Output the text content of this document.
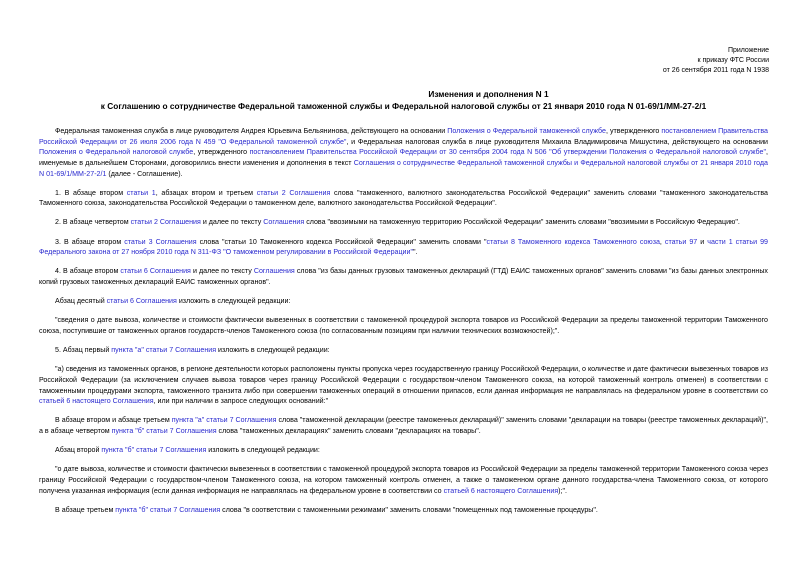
Приложение
к приказу ФТС России
от 26 сентября 2011 года N 1938
Изменения и дополнения N 1
к Соглашению о сотрудничестве Федеральной таможенной службы и Федеральной налоговой службы от 21 января 2010 года N 01-69/1/ММ-27-2/1

Федеральная таможенная служба в лице руководителя Андрея Юрьевича Бельянинова, действующего на основании Положения о Федеральной таможенной службе, утвержденного постановлением Правительства Российской Федерации от 26 июля 2006 года N 459 "О Федеральной таможенной службе", и Федеральная налоговая служба в лице руководителя Михаила Владимировича Мишустина, действующего на основании Положения о Федеральной налоговой службе, утвержденного постановлением Правительства Российской Федерации от 30 сентября 2004 года N 506 "Об утверждении Положения о Федеральной налоговой службе", именуемые в дальнейшем Сторонами, договорились внести изменения и дополнения в текст Соглашения о сотрудничестве Федеральной таможенной службы и Федеральной налоговой службы от 21 января 2010 года N 01-69/1/ММ-27-2/1 (далее - Соглашение).

1. В абзаце втором статьи 1, абзацах втором и третьем статьи 2 Соглашения слова "таможенного, валютного законодательства Российской Федерации" заменить словами "таможенного законодательства Таможенного союза, законодательства Российской Федерации о таможенном деле, валютного законодательства Российской Федерации".

2. В абзаце четвертом статьи 2 Соглашения и далее по тексту Соглашения слова "ввозимыми на таможенную территорию Российской Федерации" заменить словами "ввозимыми в Российскую Федерацию".

3. В абзаце втором статьи 3 Соглашения слова "статьи 10 Таможенного кодекса Российской Федерации" заменить словами "статьи 8 Таможенного кодекса Таможенного союза, статьи 97 и части 1 статьи 99 Федерального закона от 27 ноября 2010 года N 311-ФЗ "О таможенном регулировании в Российской Федерации"".

4. В абзаце втором статьи 6 Соглашения и далее по тексту Соглашения слова "из базы данных грузовых таможенных деклараций (ГТД) ЕАИС таможенных органов" заменить словами "из базы данных электронных копий грузовых таможенных деклараций ЕАИС таможенных органов".

Абзац десятый статьи 6 Соглашения изложить в следующей редакции:

"сведения о дате вывоза, количестве и стоимости фактически вывезенных в соответствии с таможенной процедурой экспорта товаров из Российской Федерации за пределы таможенной территории Таможенного союза, поступившие от таможенных органов государств-членов Таможенного союза (по согласованным позициям при наличии технических возможностей);".

5. Абзац первый пункта "а" статьи 7 Соглашения изложить в следующей редакции:

"а) сведения из таможенных органов, в регионе деятельности которых расположены пункты пропуска через государственную границу Российской Федерации, о количестве и дате фактически вывезенных товаров из Российской Федерации (за исключением случаев вывоза товаров через границу Российской Федерации с государством-членом Таможенного союза, на которой таможенный контроль отменен) в соответствии с таможенными процедурами экспорта, таможенного транзита либо при совершении таможенных операций в отношении припасов, если данная информация не направлялась на федеральном уровне в соответствии со статьей 6 настоящего Соглашения, или при наличии в запросе следующих оснований:"

В абзаце втором и абзаце третьем пункта "а" статьи 7 Соглашения слова "таможенной декларации (реестре таможенных деклараций)" заменить словами "декларации на товары (реестре таможенных деклараций)", а в абзаце четвертом пункта "б" статьи 7 Соглашения слова "таможенных декларациях" заменить словами "декларациях на товары".

Абзац второй пункта "б" статьи 7 Соглашения изложить в следующей редакции:

"о дате вывоза, количестве и стоимости фактически вывезенных в соответствии с таможенной процедурой экспорта товаров из Российской Федерации за пределы таможенной территории Таможенного союза через границу Российской Федерации с государством-членом Таможенного союза, на котором таможенный контроль отменен, а также о таможенном органе данного государства-члена Таможенного союза, от которого получена указанная информация (если данная информация не направлялась на федеральном уровне в соответствии со статьей 6 настоящего Соглашения);".

В абзаце третьем пункта "б" статьи 7 Соглашения слова "в соответствии с таможенными режимами" заменить словами "помещенных под таможенные процедуры".
